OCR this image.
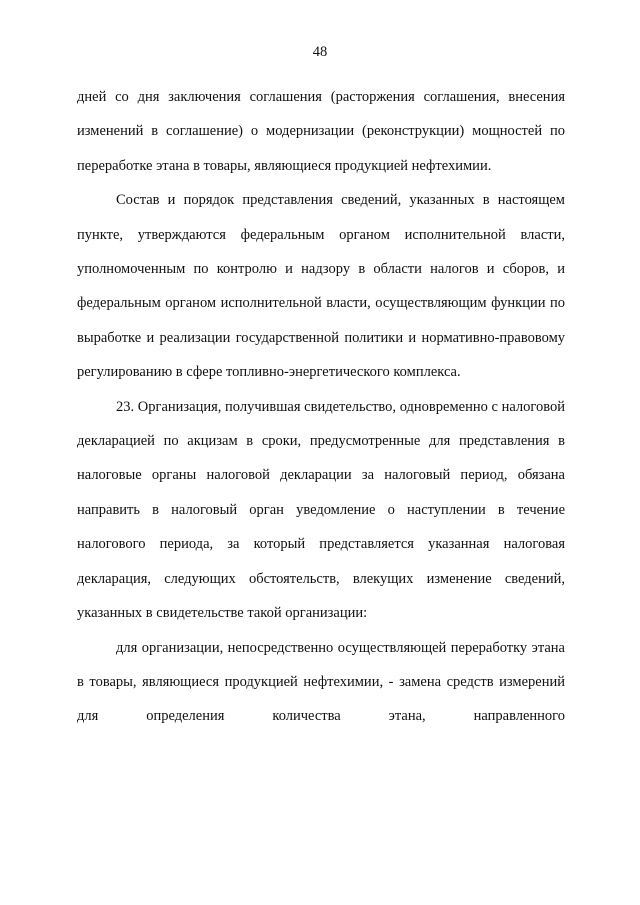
48

дней со дня заключения соглашения (расторжения соглашения, внесения изменений в соглашение) о модернизации (реконструкции) мощностей по переработке этана в товары, являющиеся продукцией нефтехимии.

Состав и порядок представления сведений, указанных в настоящем пункте, утверждаются федеральным органом исполнительной власти, уполномоченным по контролю и надзору в области налогов и сборов, и федеральным органом исполнительной власти, осуществляющим функции по выработке и реализации государственной политики и нормативно-правовому регулированию в сфере топливно-энергетического комплекса.

23. Организация, получившая свидетельство, одновременно с налоговой декларацией по акцизам в сроки, предусмотренные для представления в налоговые органы налоговой декларации за налоговый период, обязана направить в налоговый орган уведомление о наступлении в течение налогового периода, за который представляется указанная налоговая декларация, следующих обстоятельств, влекущих изменение сведений, указанных в свидетельстве такой организации:

для организации, непосредственно осуществляющей переработку этана в товары, являющиеся продукцией нефтехимии, - замена средств измерений для определения количества этана, направленного
